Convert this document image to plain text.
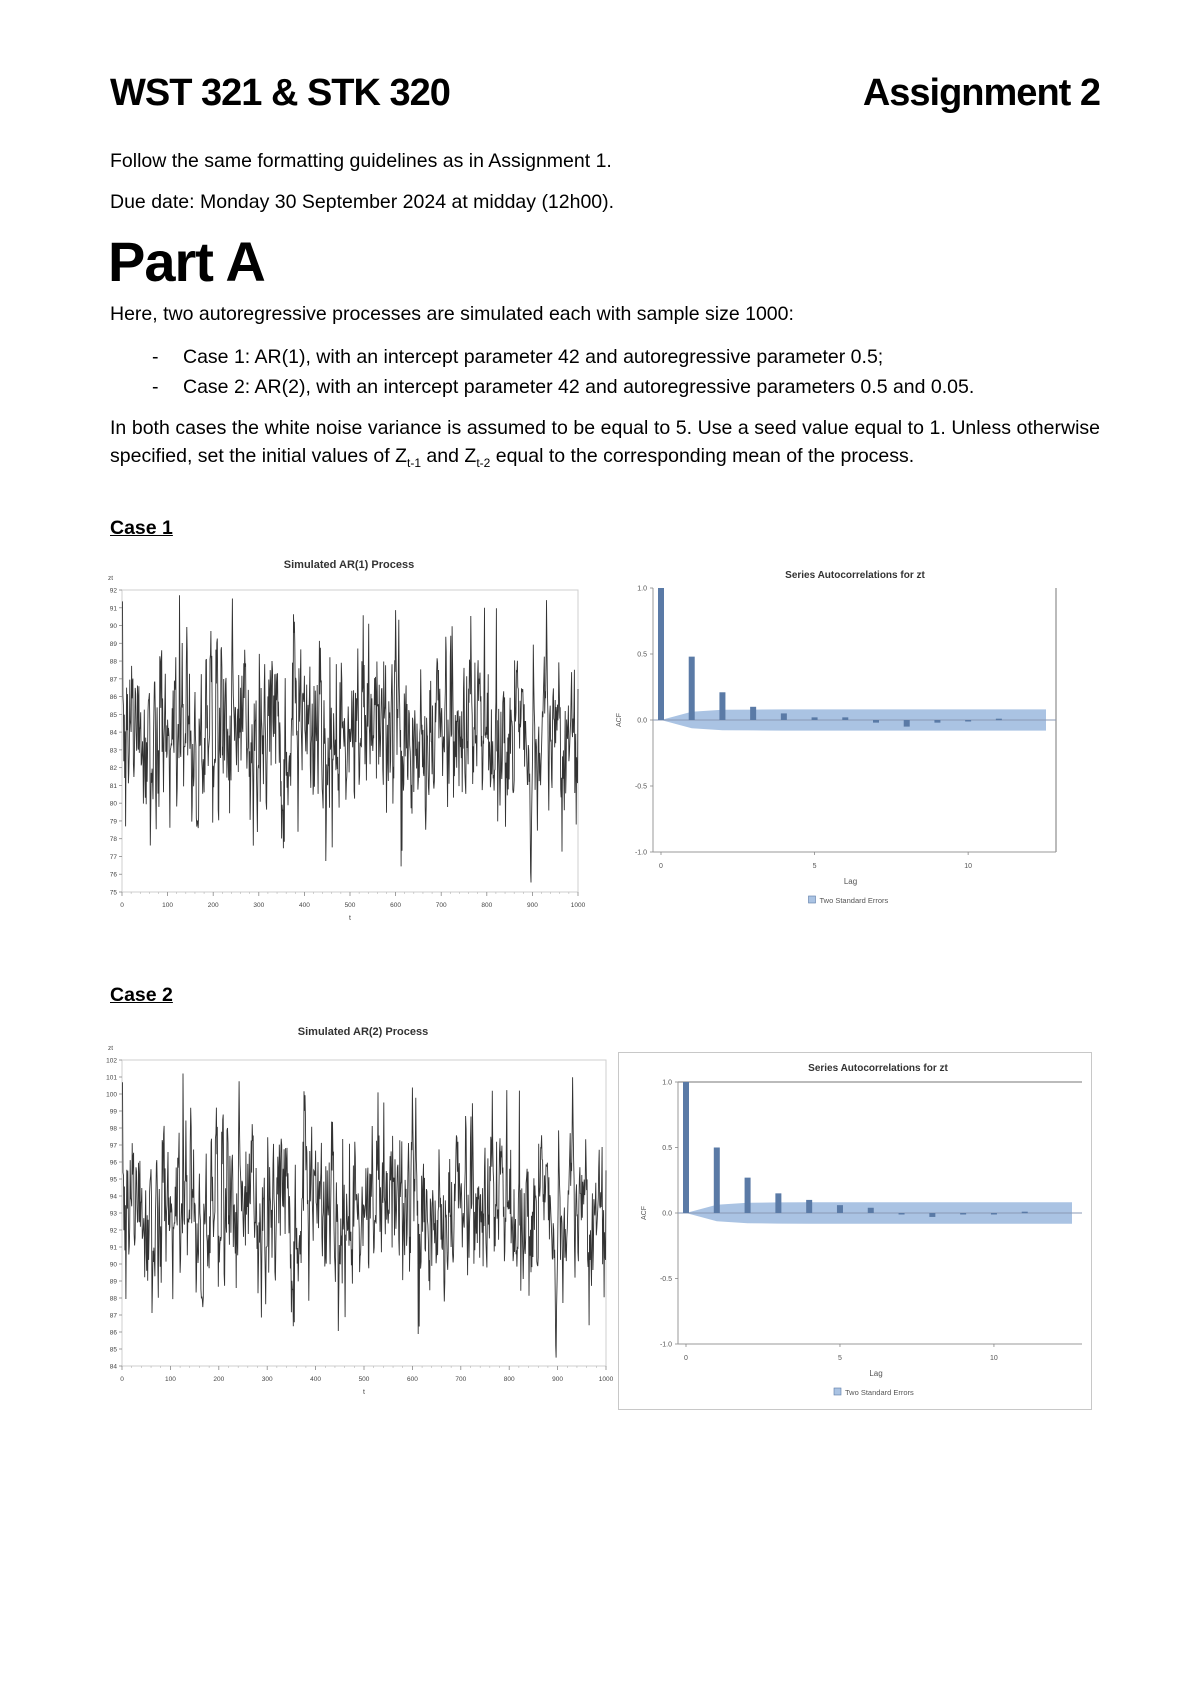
WST 321 & STK 320	Assignment 2
Follow the same formatting guidelines as in Assignment 1.
Due date: Monday 30 September 2024 at midday (12h00).
Part A
Here, two autoregressive processes are simulated each with sample size 1000:
- Case 1: AR(1), with an intercept parameter 42 and autoregressive parameter 0.5;
- Case 2: AR(2), with an intercept parameter 42 and autoregressive parameters 0.5 and 0.05.
In both cases the white noise variance is assumed to be equal to 5. Use a seed value equal to 1. Unless otherwise specified, set the initial values of $Z_{t-1}$ and $Z_{t-2}$ equal to the corresponding mean of the process.
Case 1
Simulated AR(1) Process
zt
75
76
77
78
79
80
81
82
83
84
85
86
87
88
89
90
91
92
0	100	200	300	400	500	600	700	800	900	1000
t
Series Autocorrelations for zt
1.0
0.5
0.0
-0.5
-1.0
0	5	10
ACF
Lag
Two Standard Errors
Case 2
Simulated AR(2) Process
zt
84
85
86
87
88
89
90
91
92
93
94
95
96
97
98
99
100
101
102
0	100	200	300	400	500	600	700	800	900	1000
t
Series Autocorrelations for zt
1.0
0.5
0.0
-0.5
-1.0
0	5	10
ACF
Lag
Two Standard Errors
